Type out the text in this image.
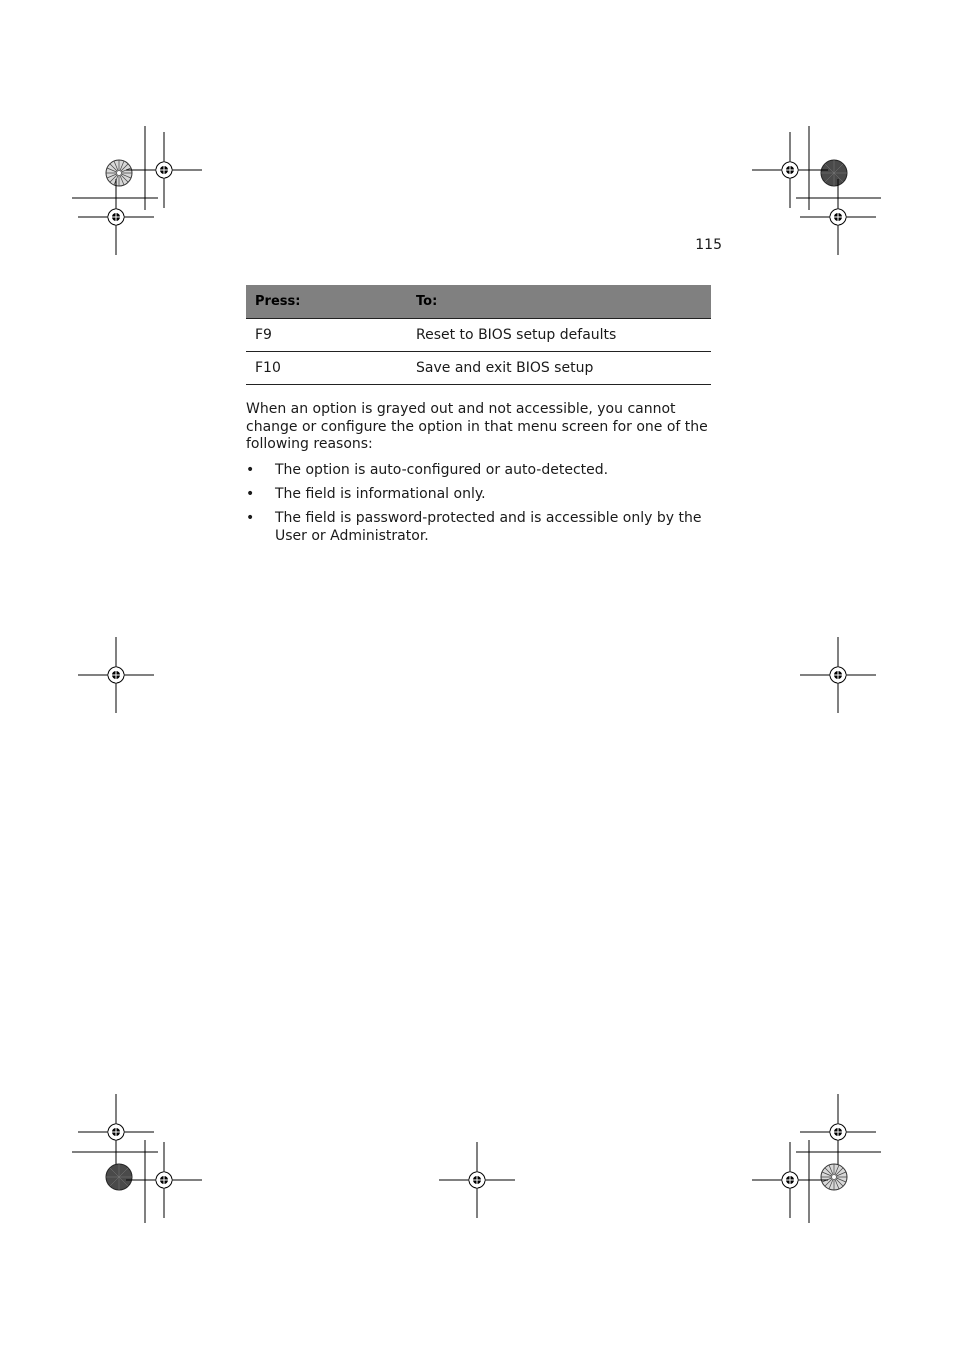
115
Press:	To:
F9	Reset to BIOS setup defaults
F10	Save and exit BIOS setup

When an option is grayed out and not accessible, you cannot change or configure the option in that menu screen for one of the following reasons:

• The option is auto-configured or auto-detected.
• The field is informational only.
• The field is password-protected and is accessible only by the User or Administrator.
